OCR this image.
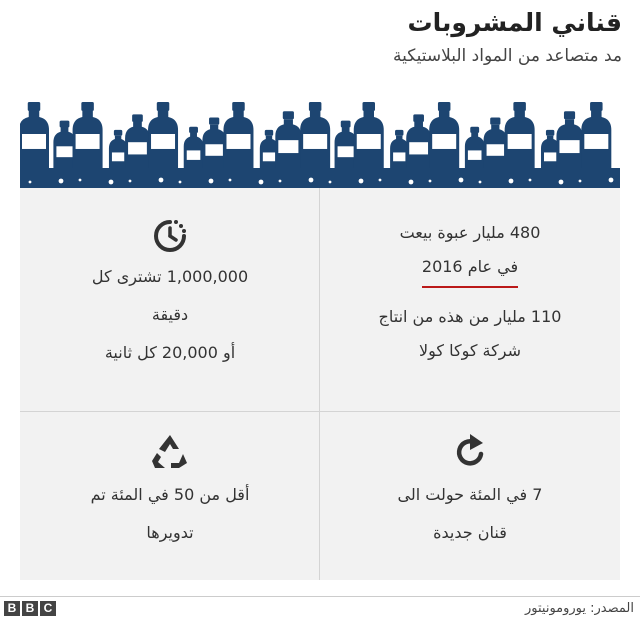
قناني المشروبات
مد متصاعد من المواد البلاستيكية

480 مليار عبوة بيعت

في عام 2016

110 مليار من هذه من انتاج

شركة كوكا كولا

1,000,000 تشترى كل

دقيقة

أو 20,000 كل ثانية

7 في المئة حولت الى

قنان جديدة

أقل من 50 في المئة تم

تدويرها

B B C	المصدر: يورومونيتور
